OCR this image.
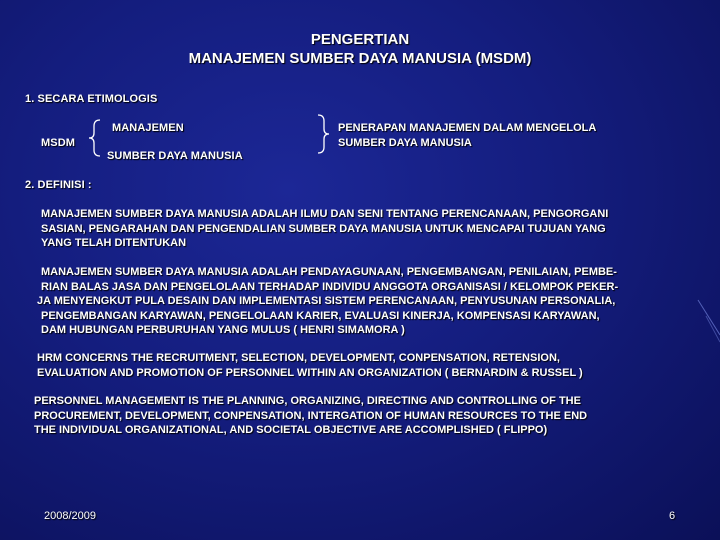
PENGERTIAN
MANAJEMEN SUMBER DAYA MANUSIA (MSDM)
1. SECARA ETIMOLOGIS
MSDM
MANAJEMEN
SUMBER DAYA MANUSIA
PENERAPAN MANAJEMEN DALAM MENGELOLA
SUMBER DAYA MANUSIA
2. DEFINISI :
MANAJEMEN SUMBER DAYA MANUSIA ADALAH ILMU DAN SENI TENTANG PERENCANAAN, PENGORGANI
SASIAN, PENGARAHAN DAN PENGENDALIAN SUMBER DAYA MANUSIA UNTUK MENCAPAI TUJUAN YANG
YANG TELAH DITENTUKAN
MANAJEMEN SUMBER DAYA MANUSIA ADALAH PENDAYAGUNAAN, PENGEMBANGAN, PENILAIAN, PEMBE-
RIAN BALAS JASA DAN PENGELOLAAN TERHADAP INDIVIDU ANGGOTA ORGANISASI / KELOMPOK PEKER-
JA MENYENGKUT PULA DESAIN DAN IMPLEMENTASI SISTEM PERENCANAAN, PENYUSUNAN PERSONALIA,
PENGEMBANGAN KARYAWAN, PENGELOLAAN KARIER, EVALUASI KINERJA, KOMPENSASI KARYAWAN,
DAM HUBUNGAN PERBURUHAN YANG MULUS ( HENRI SIMAMORA )
HRM CONCERNS THE RECRUITMENT, SELECTION, DEVELOPMENT, CONPENSATION, RETENSION,
EVALUATION AND PROMOTION OF PERSONNEL WITHIN AN ORGANIZATION ( BERNARDIN & RUSSEL )
PERSONNEL MANAGEMENT IS THE PLANNING, ORGANIZING, DIRECTING AND CONTROLLING OF THE
PROCUREMENT, DEVELOPMENT, CONPENSATION, INTERGATION OF HUMAN RESOURCES TO THE END
THE INDIVIDUAL ORGANIZATIONAL, AND SOCIETAL OBJECTIVE ARE ACCOMPLISHED ( FLIPPO)
2008/2009	6
